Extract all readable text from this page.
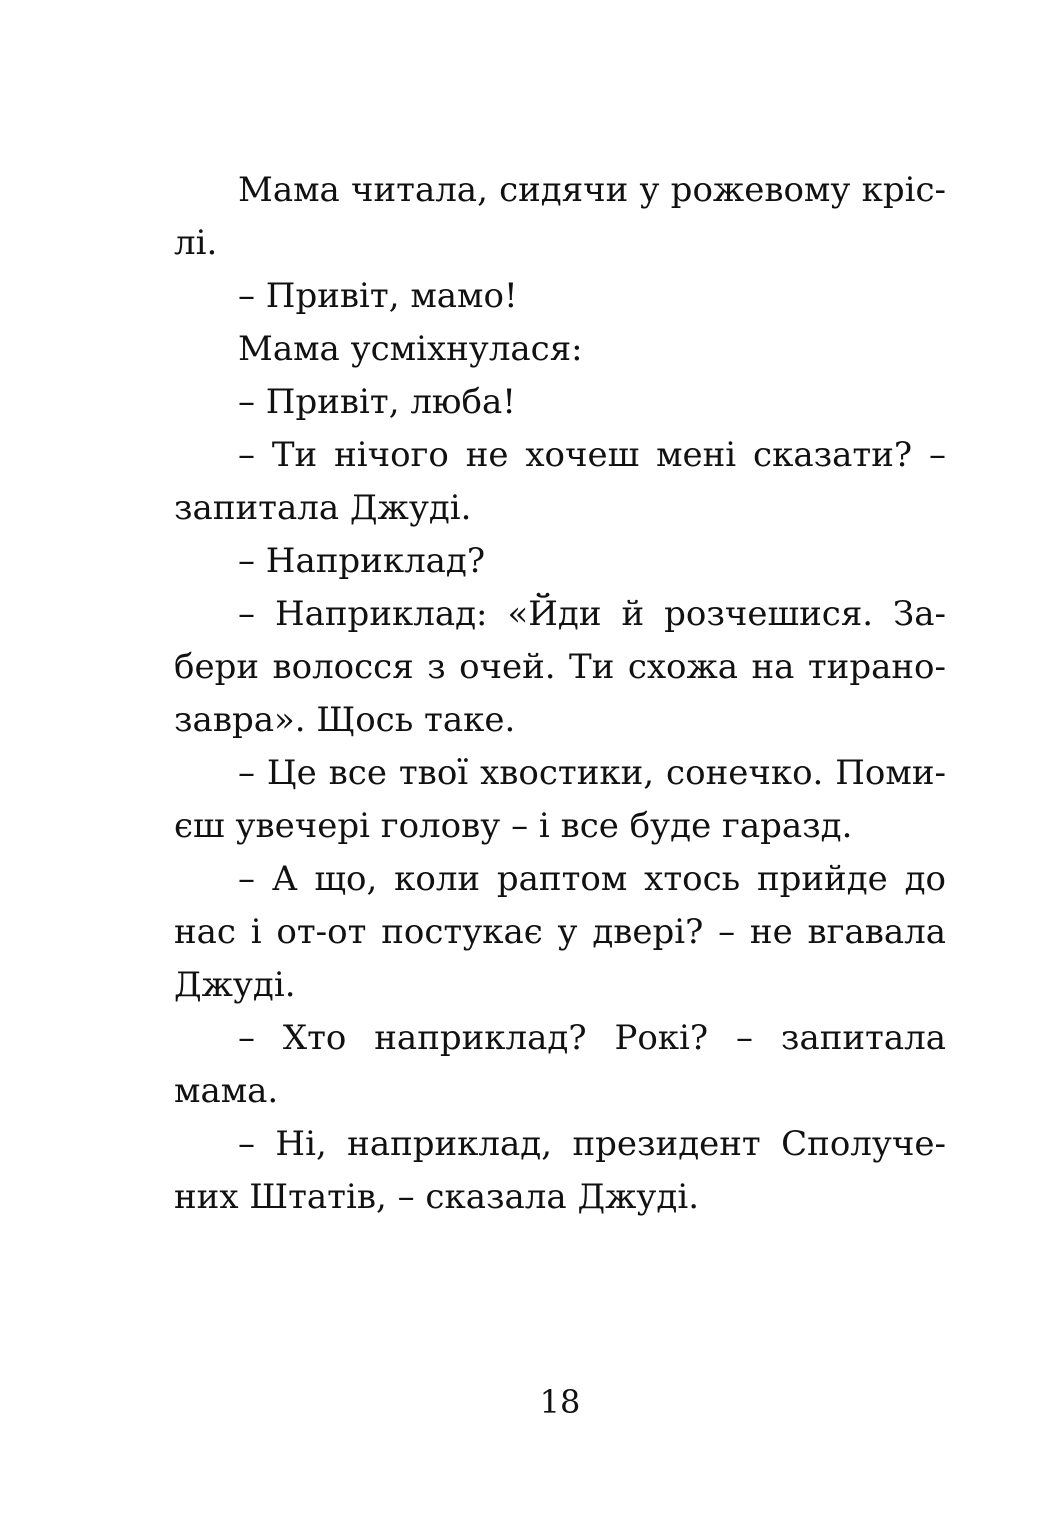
Мама читала, сидячи у рожевому кріс-
лі.
– Привіт, мамо!
Мама усміхнулася:
– Привіт, люба!
– Ти нічого не хочеш мені сказати? –
запитала Джуді.
– Наприклад?
– Наприклад: «Йди й розчешися. За-
бери волосся з очей. Ти схожа на тирано-
завра». Щось таке.
– Це все твої хвостики, сонечко. Поми-
єш увечері голову – і все буде гаразд.
– А що, коли раптом хтось прийде до
нас і от-от постукає у двері? – не вгавала
Джуді.
– Хто наприклад? Рокі? – запитала
мама.
– Ні, наприклад, президент Сполуче-
них Штатів, – сказала Джуді.
18
